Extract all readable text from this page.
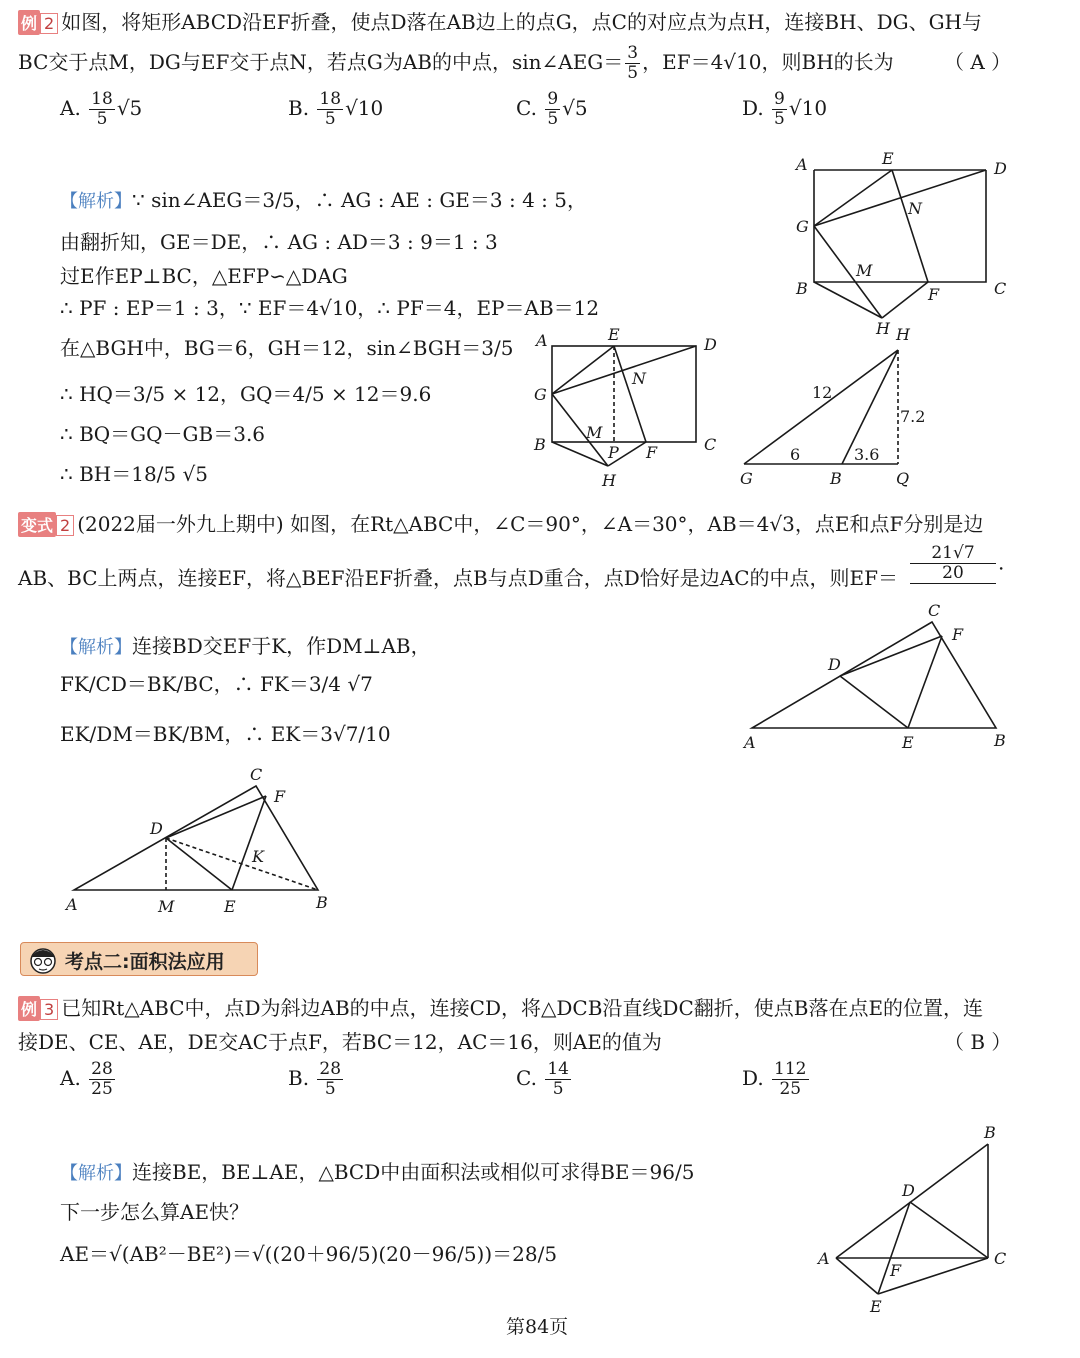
例 2 如图，将矩形ABCD沿EF折叠，使点D落在AB边上的点G，点C的对应点为点H，连接BH、DG、GH与
BC交于点M，DG与EF交于点N，若点G为AB的中点，sin∠AEG＝ $\frac{3}{5}$ ，EF＝4√10，则BH的长为	（ A ）
A. $\frac{18}{5} √5$	B. $\frac{18}{5} √10$	C. $\frac{9}{5} √5$	D. $\frac{9}{5} √10$
【解析】∵ sin∠AEG＝3/5，∴ AG : AE : GE＝3 : 4 : 5，
由翻折知，GE＝DE，∴ AG : AD＝3 : 9＝1 : 3
过E作EP⊥BC，△EFP∽△DAG
∴ PF : EP＝1 : 3，∵ EF＝4√10，∴ PF＝4，EP＝AB＝12
在△BGH中，BG＝6，GH＝12，sin∠BGH＝3/5
∴ HQ＝3/5 × 12，GQ＝4/5 × 12＝9.6
∴ BQ＝GQ－GB＝3.6
∴ BH＝18/5 √5
A	E
D
G
N
M
B	F	C
H
A	E
D
G
N
M
B	P F	C
H
H
12
7.2
6	3.6
G	B	Q
变式 2 (2022届一外九上期中) 如图，在Rt△ABC中，∠C＝90°，∠A＝30°，AB＝4√3，点E和点F分别是边
AB、BC上两点，连接EF，将△BEF沿EF折叠，点B与点D重合，点D恰好是边AC的中点，则$EF= \frac{21√7}{20}$ .
【解析】连接BD交EF于K，作DM⊥AB，
FK/CD＝BK/BC，∴ FK＝3/4 √7
EK/DM＝BK/BM，∴ EK＝3√7/10
C
F
D
A	E	B
C
F
D
K
A	M	E	B
考点二:面积法应用
例 3 已知Rt△ABC中，点D为斜边AB的中点，连接CD，将△DCB沿直线DC翻折，使点B落在点E的位置，连
接DE、CE、AE，DE交AC于点F，若BC＝12，AC＝16，则AE的值为	（ B ）
A. $\frac{28}{25}$	B. $\frac{28}{5}$	C. $\frac{14}{5}$	D. $\frac{112}{25}$
【解析】连接BE，BE⊥AE，△BCD中由面积法或相似可求得BE＝96/5
下一步怎么算AE快？
AE＝√(AB²－BE²)＝√((20＋96/5)(20－96/5))＝28/5
B
D
A
F
C
E
第84页
